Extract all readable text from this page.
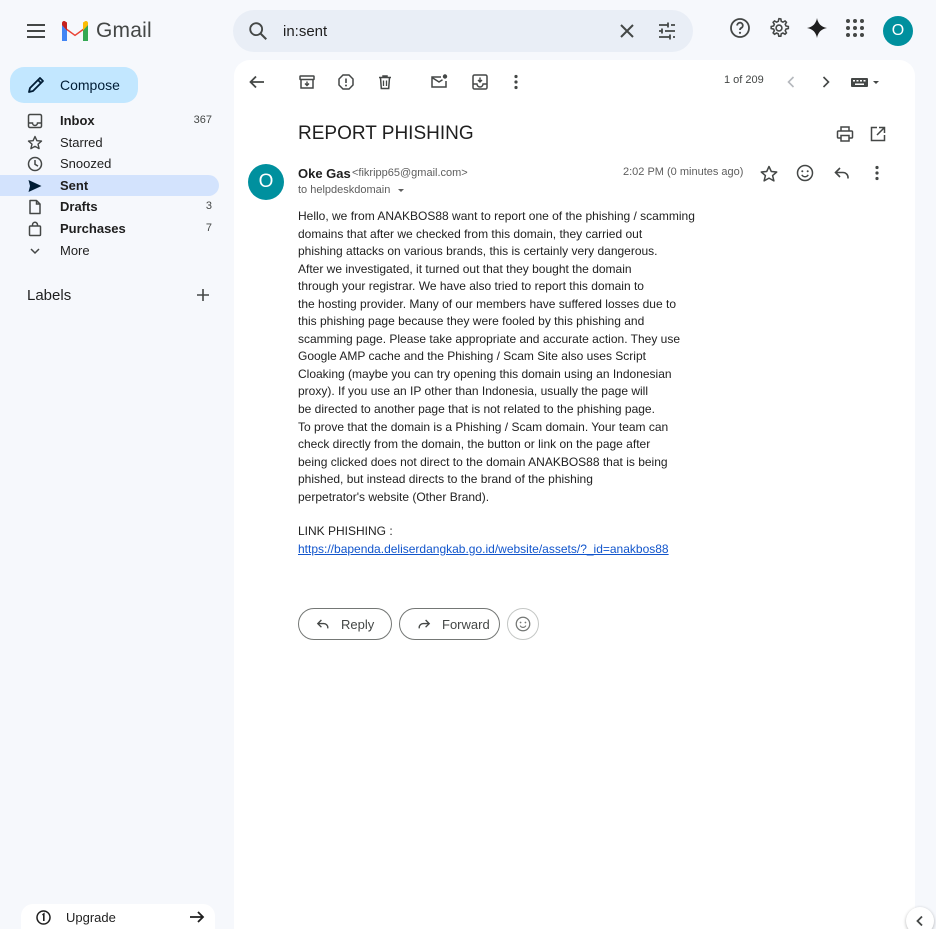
Gmail
in:sent	O
Compose
Inbox	367
Starred
Snoozed
Sent
Drafts	3
Purchases	7
More
Labels
Upgrade
1 of 209
REPORT PHISHING
O	Oke Gas <fikripp65@gmail.com>
to helpdeskdomain
2:02 PM (0 minutes ago)

Hello, we from ANAKBOS88 want to report one of the phishing / scamming

domains that after we checked from this domain, they carried out

phishing attacks on various brands, this is certainly very dangerous.

After we investigated, it turned out that they bought the domain

through your registrar. We have also tried to report this domain to

the hosting provider. Many of our members have suffered losses due to

this phishing page because they were fooled by this phishing and

scamming page. Please take appropriate and accurate action. They use

Google AMP cache and the Phishing / Scam Site also uses Script

Cloaking (maybe you can try opening this domain using an Indonesian

proxy). If you use an IP other than Indonesia, usually the page will

be directed to another page that is not related to the phishing page.

To prove that the domain is a Phishing / Scam domain. Your team can

check directly from the domain, the button or link on the page after

being clicked does not direct to the domain ANAKBOS88 that is being

phished, but instead directs to the brand of the phishing

perpetrator's website (Other Brand).

LINK PHISHING :
https://bapenda.deliserdangkab.go.id/website/assets/?_id=anakbos88
Reply	Forward
